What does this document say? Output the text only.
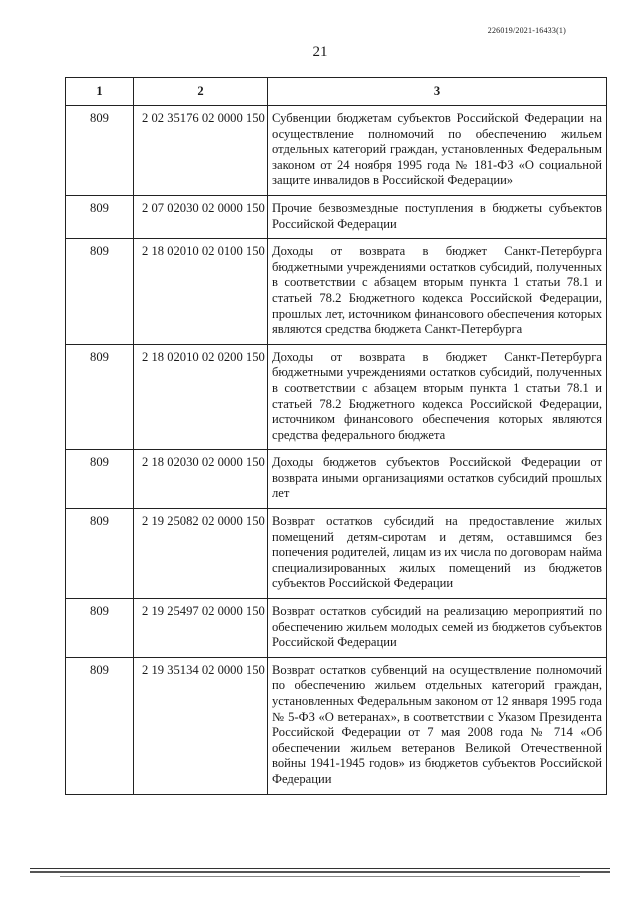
226019/2021-16433(1)
21
1	2	3
809	2 02 35176 02 0000 150	Субвенции бюджетам субъектов Российской Федерации на осуществление полномочий по обеспечению жильем отдельных категорий граждан, установленных Федеральным законом от 24 ноября 1995 года № 181-ФЗ «О социальной защите инвалидов в Российской Федерации»
809	2 07 02030 02 0000 150	Прочие безвозмездные поступления в бюджеты субъектов Российской Федерации
809	2 18 02010 02 0100 150	Доходы от возврата в бюджет Санкт-Петербурга бюджетными учреждениями остатков субсидий, полученных в соответствии с абзацем вторым пункта 1 статьи 78.1 и статьей 78.2 Бюджетного кодекса Российской Федерации, прошлых лет, источником финансового обеспечения которых являются средства бюджета Санкт-Петербурга
809	2 18 02010 02 0200 150	Доходы от возврата в бюджет Санкт-Петербурга бюджетными учреждениями остатков субсидий, полученных в соответствии с абзацем вторым пункта 1 статьи 78.1 и статьей 78.2 Бюджетного кодекса Российской Федерации, источником финансового обеспечения которых являются средства федерального бюджета
809	2 18 02030 02 0000 150	Доходы бюджетов субъектов Российской Федерации от возврата иными организациями остатков субсидий прошлых лет
809	2 19 25082 02 0000 150	Возврат остатков субсидий на предоставление жилых помещений детям-сиротам и детям, оставшимся без попечения родителей, лицам из их числа по договорам найма специализированных жилых помещений из бюджетов субъектов Российской Федерации
809	2 19 25497 02 0000 150	Возврат остатков субсидий на реализацию мероприятий по обеспечению жильем молодых семей из бюджетов субъектов Российской Федерации
809	2 19 35134 02 0000 150	Возврат остатков субвенций на осуществление полномочий по обеспечению жильем отдельных категорий граждан, установленных Федеральным законом от 12 января 1995 года № 5-ФЗ «О ветеранах», в соответствии с Указом Президента Российской Федерации от 7 мая 2008 года № 714 «Об обеспечении жильем ветеранов Великой Отечественной войны 1941-1945 годов» из бюджетов субъектов Российской Федерации
